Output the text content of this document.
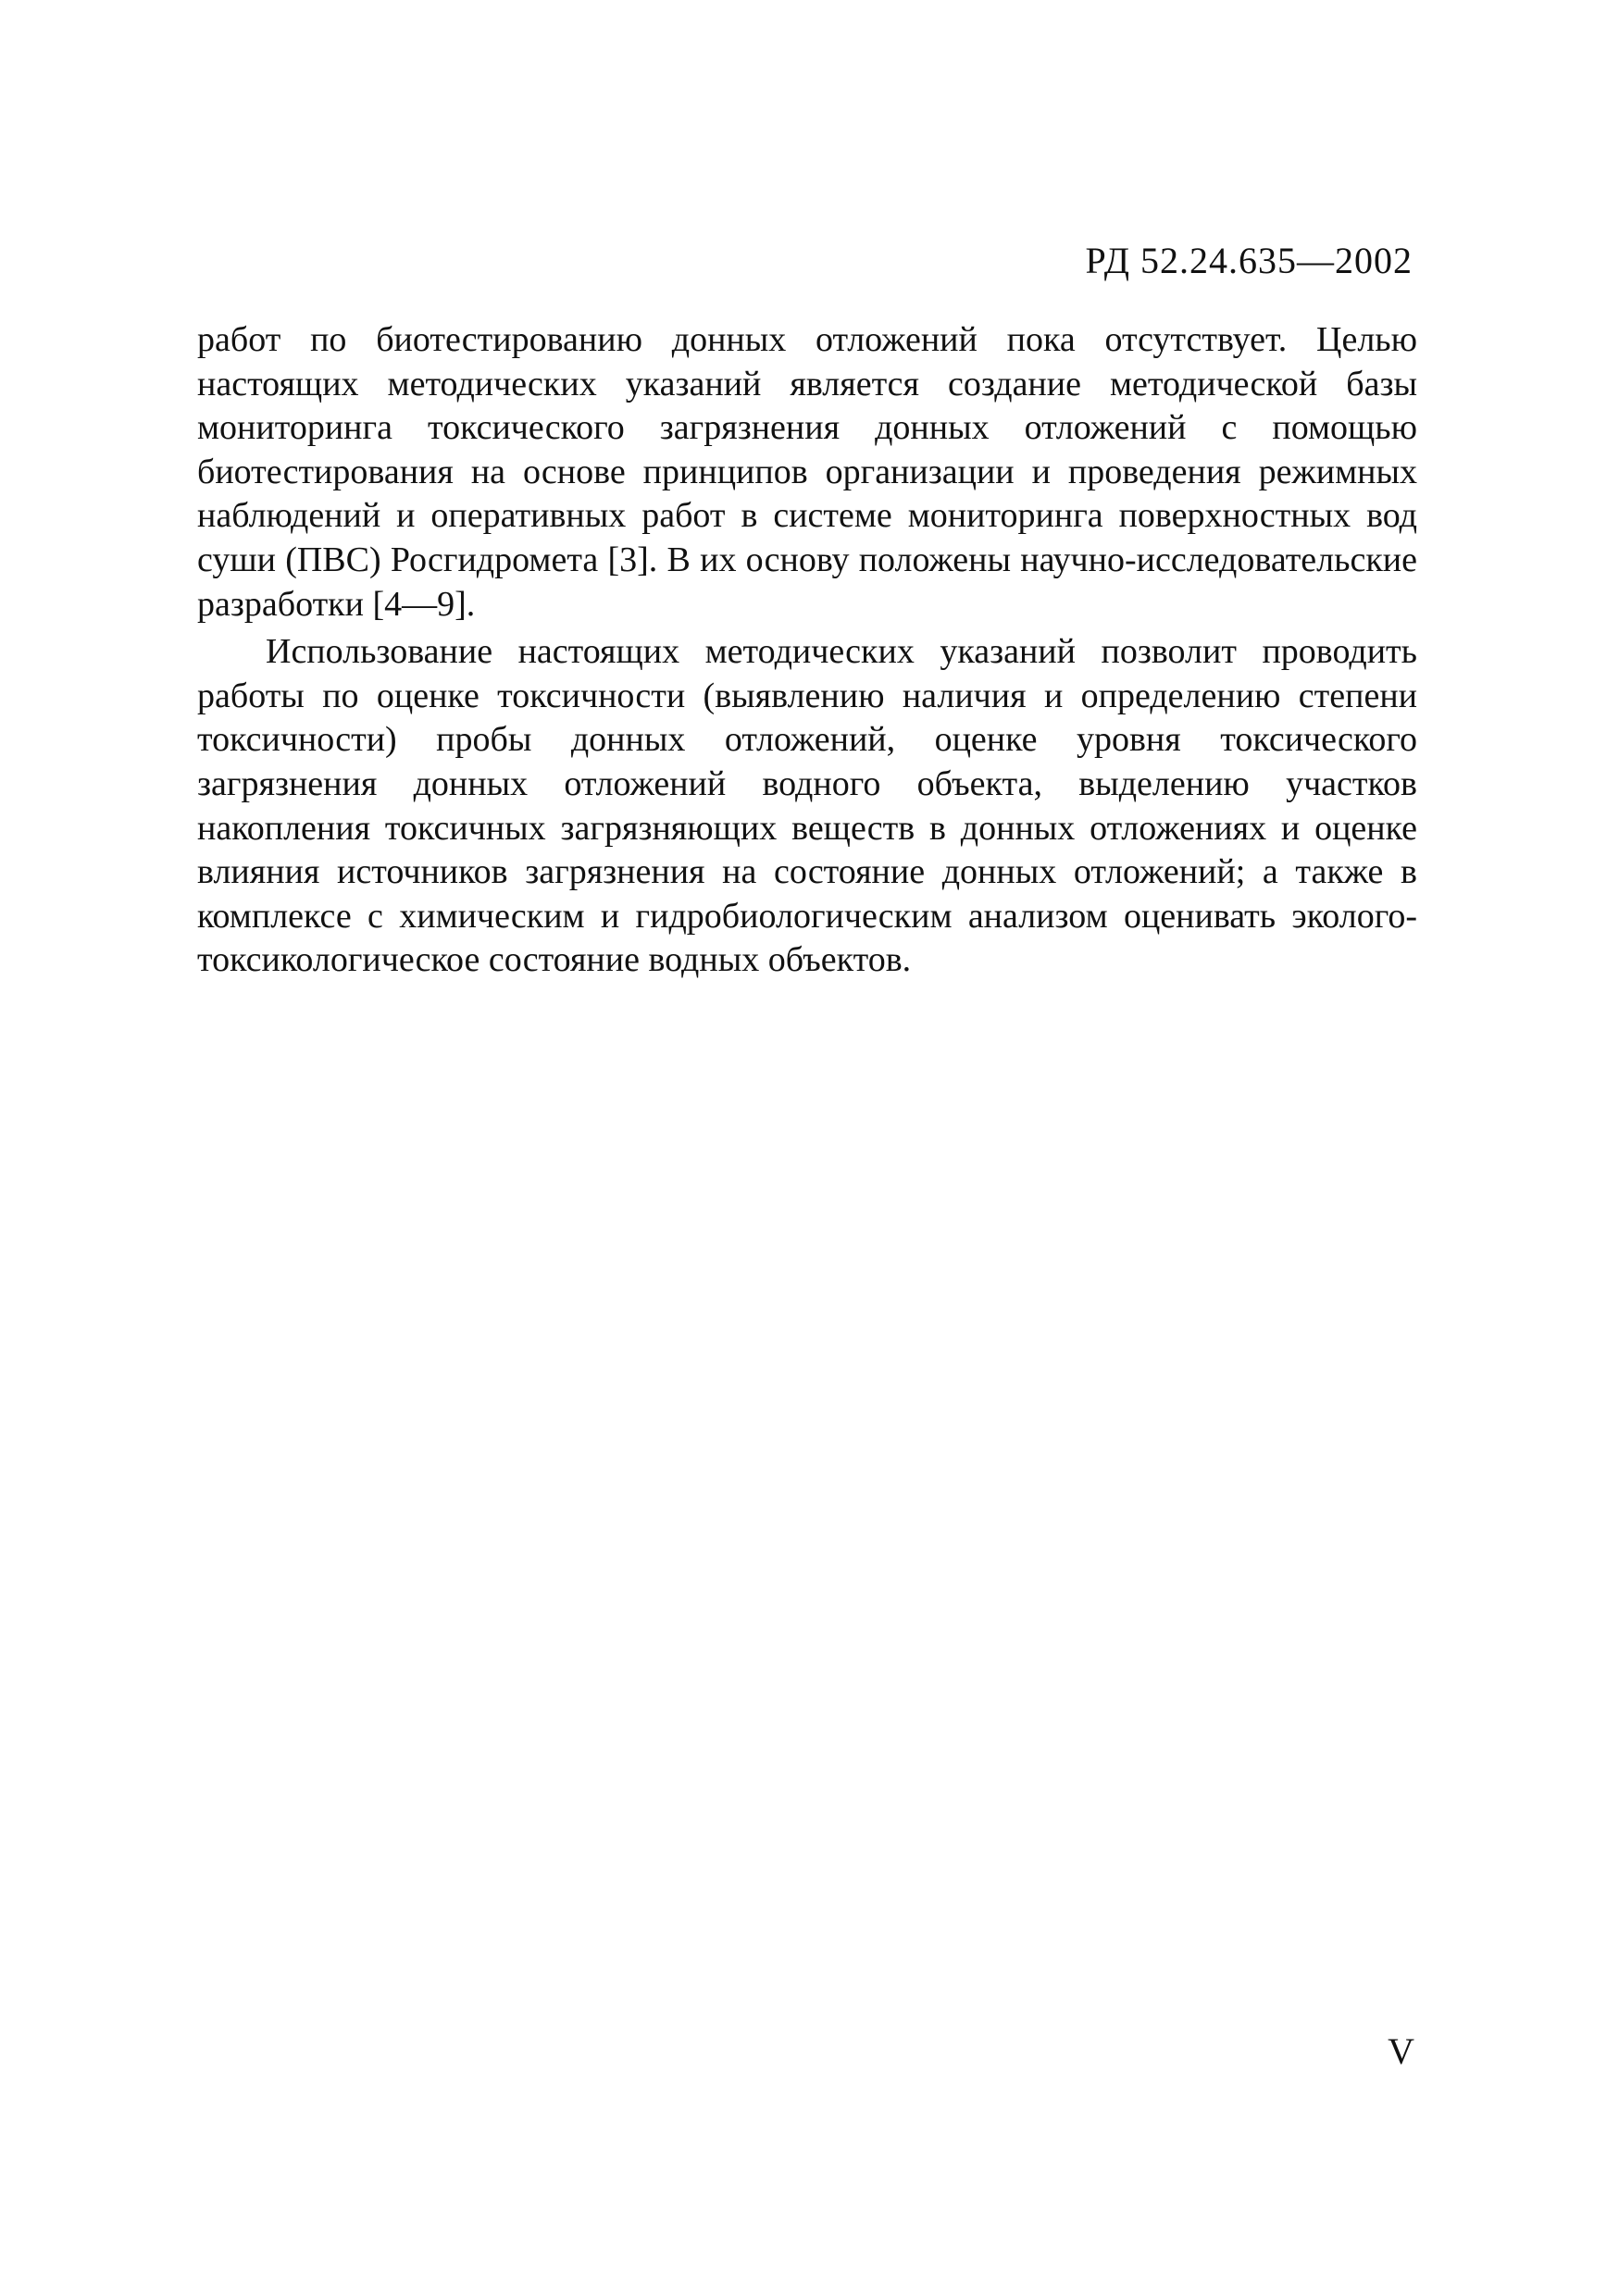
РД 52.24.635—2002

работ по биотестированию донных отложений пока отсутствует. Целью настоящих методических указаний является создание методической базы мониторинга токсического загрязнения донных отложений с помощью биотестирования на основе принципов организации и проведения режимных наблюдений и оперативных работ в системе мониторинга поверхностных вод суши (ПВС) Росгидромета [3]. В их основу положены научно-исследовательские разработки [4—9].

Использование настоящих методических указаний позволит проводить работы по оценке токсичности (выявлению наличия и определению степени токсичности) пробы донных отложений, оценке уровня токсического загрязнения донных отложений водного объекта, выделению участков накопления токсичных загрязняющих веществ в донных отложениях и оценке влияния источников загрязнения на состояние донных отложений; а также в комплексе с химическим и гидробиологическим анализом оценивать эколого-токсикологическое состояние водных объектов.

V
